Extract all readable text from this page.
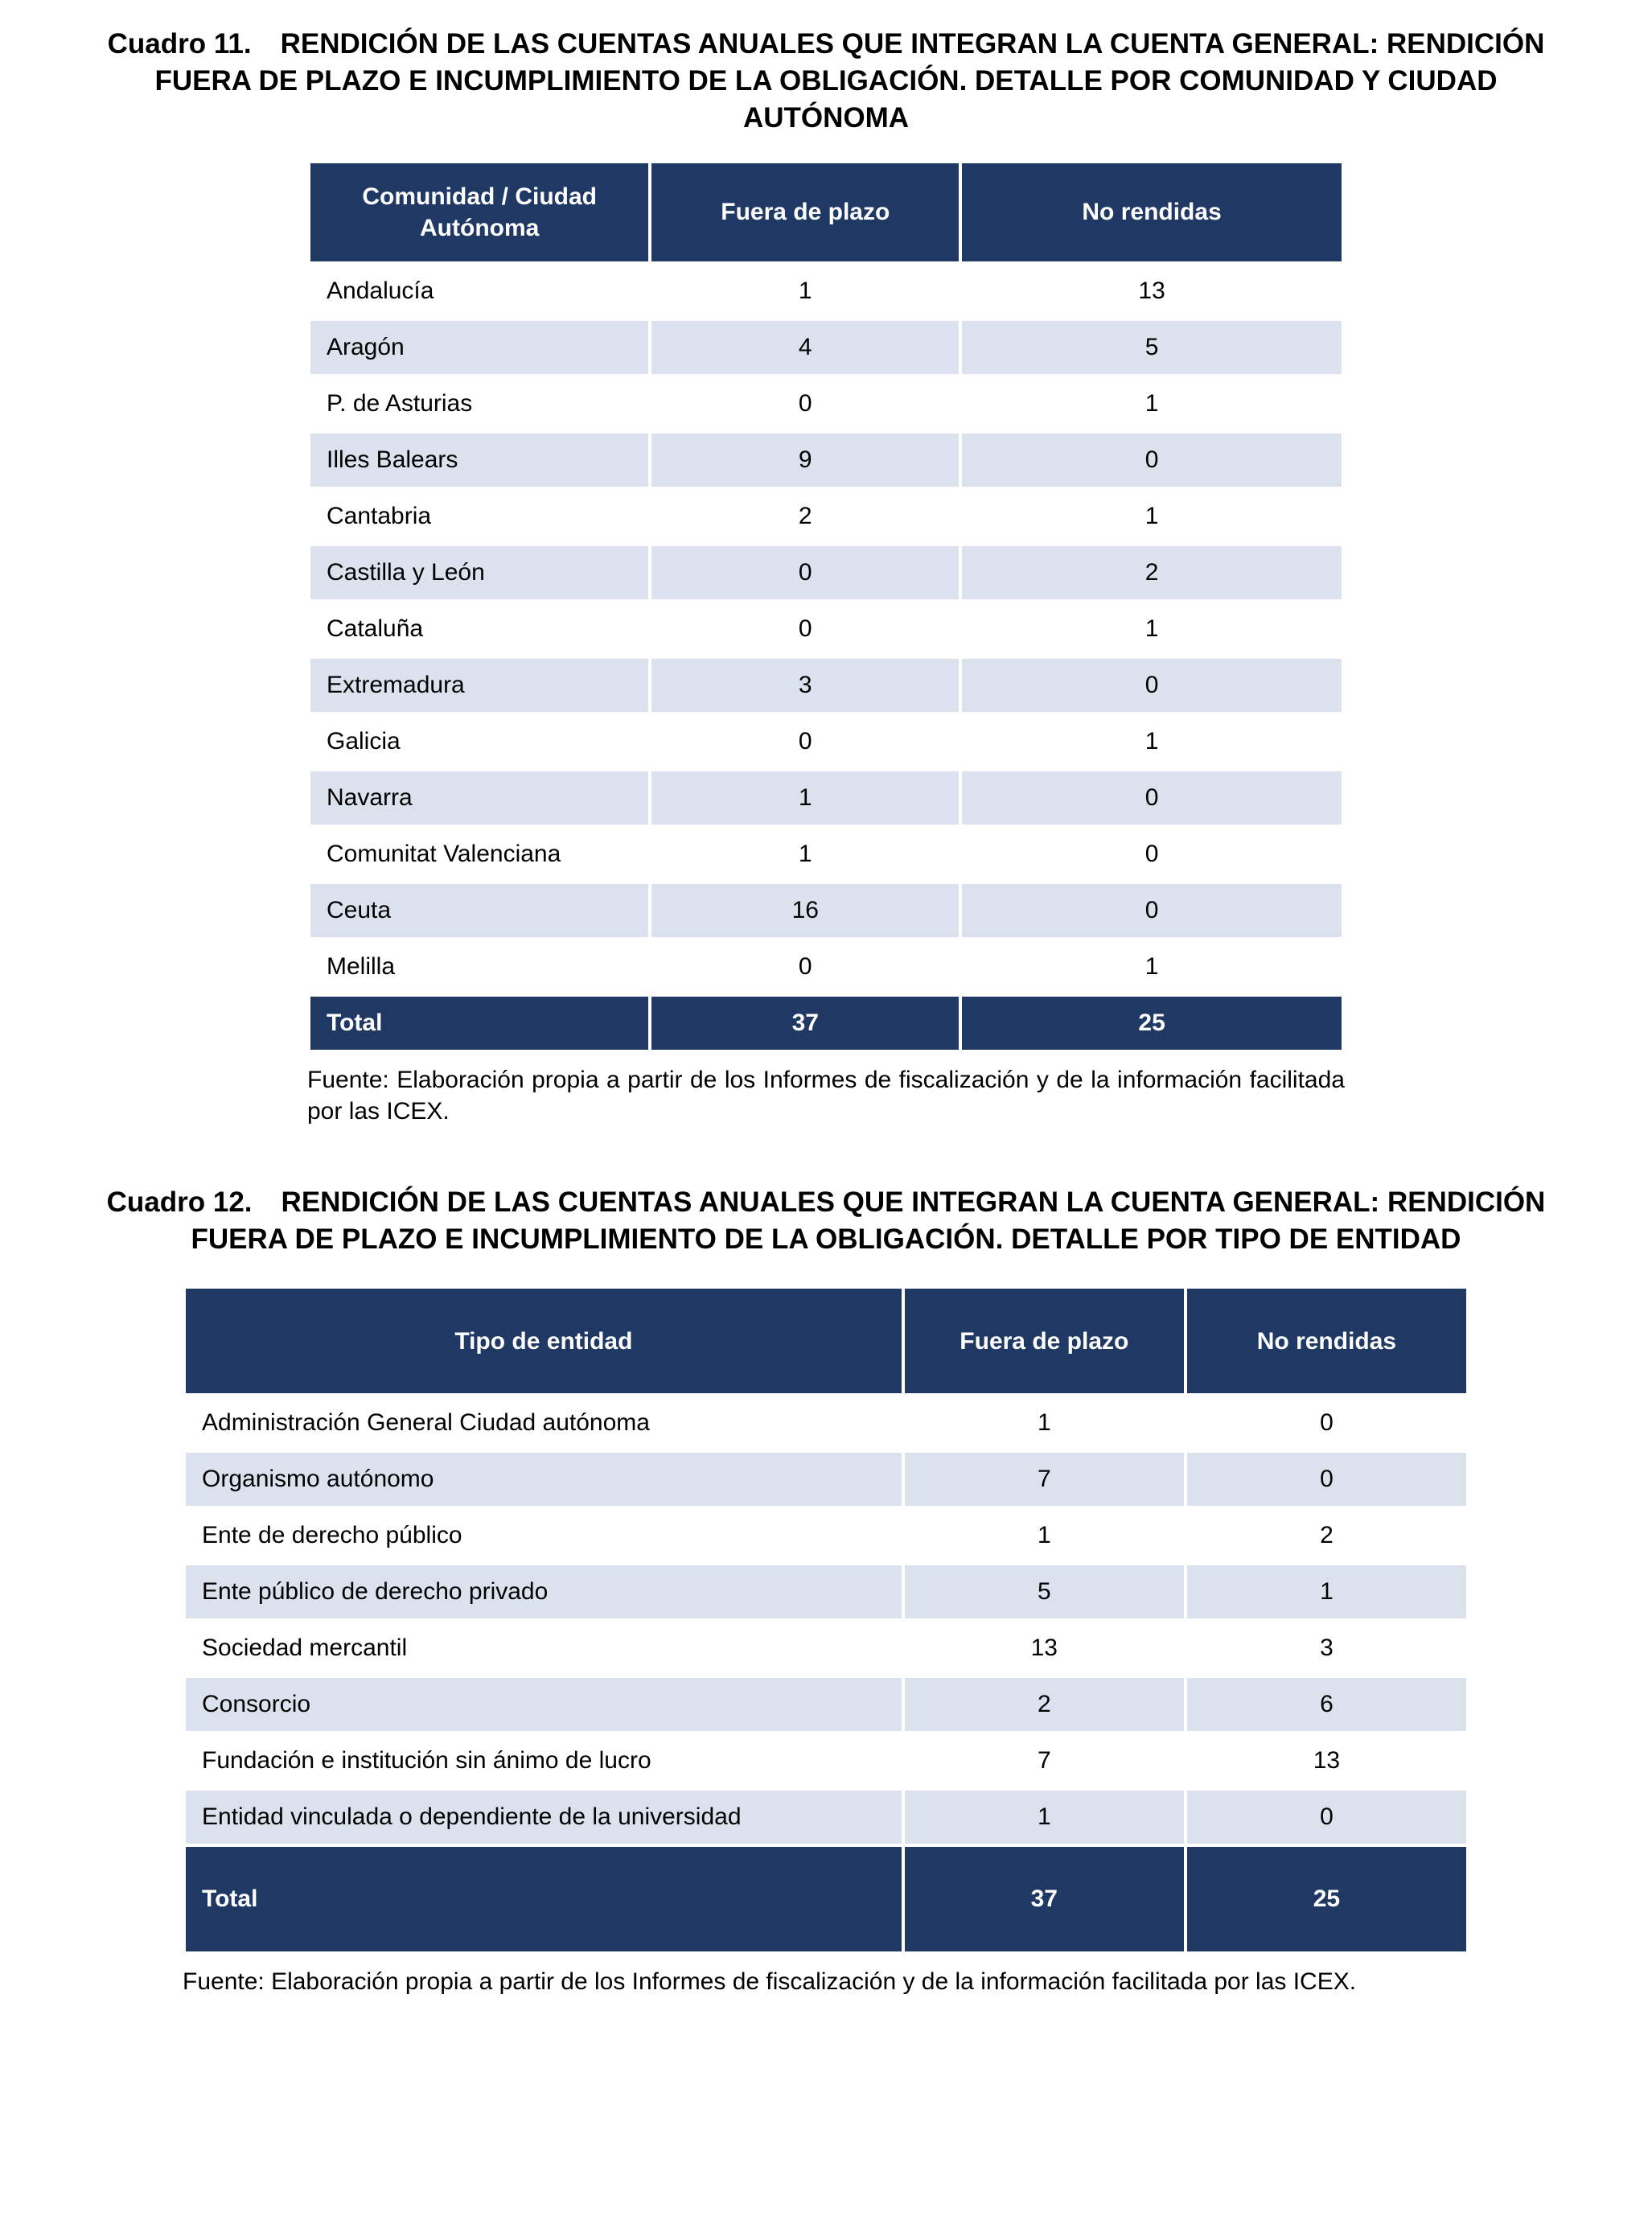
Cuadro 11. RENDICIÓN DE LAS CUENTAS ANUALES QUE INTEGRAN LA CUENTA GENERAL: RENDICIÓN FUERA DE PLAZO E INCUMPLIMIENTO DE LA OBLIGACIÓN. DETALLE POR COMUNIDAD Y CIUDAD AUTÓNOMA
Comunidad / Ciudad Autónoma	Fuera de plazo	No rendidas
Andalucía	1	13
Aragón	4	5
P. de Asturias	0	1
Illes Balears	9	0
Cantabria	2	1
Castilla y León	0	2
Cataluña	0	1
Extremadura	3	0
Galicia	0	1
Navarra	1	0
Comunitat Valenciana	1	0
Ceuta	16	0
Melilla	0	1
Total	37	25

Fuente: Elaboración propia a partir de los Informes de fiscalización y de la información facilitada por las ICEX.

Cuadro 12. RENDICIÓN DE LAS CUENTAS ANUALES QUE INTEGRAN LA CUENTA GENERAL: RENDICIÓN FUERA DE PLAZO E INCUMPLIMIENTO DE LA OBLIGACIÓN. DETALLE POR TIPO DE ENTIDAD
Tipo de entidad	Fuera de plazo	No rendidas
Administración General Ciudad autónoma	1	0
Organismo autónomo	7	0
Ente de derecho público	1	2
Ente público de derecho privado	5	1
Sociedad mercantil	13	3
Consorcio	2	6
Fundación e institución sin ánimo de lucro	7	13
Entidad vinculada o dependiente de la universidad	1	0
Total	37	25

Fuente: Elaboración propia a partir de los Informes de fiscalización y de la información facilitada por las ICEX.
